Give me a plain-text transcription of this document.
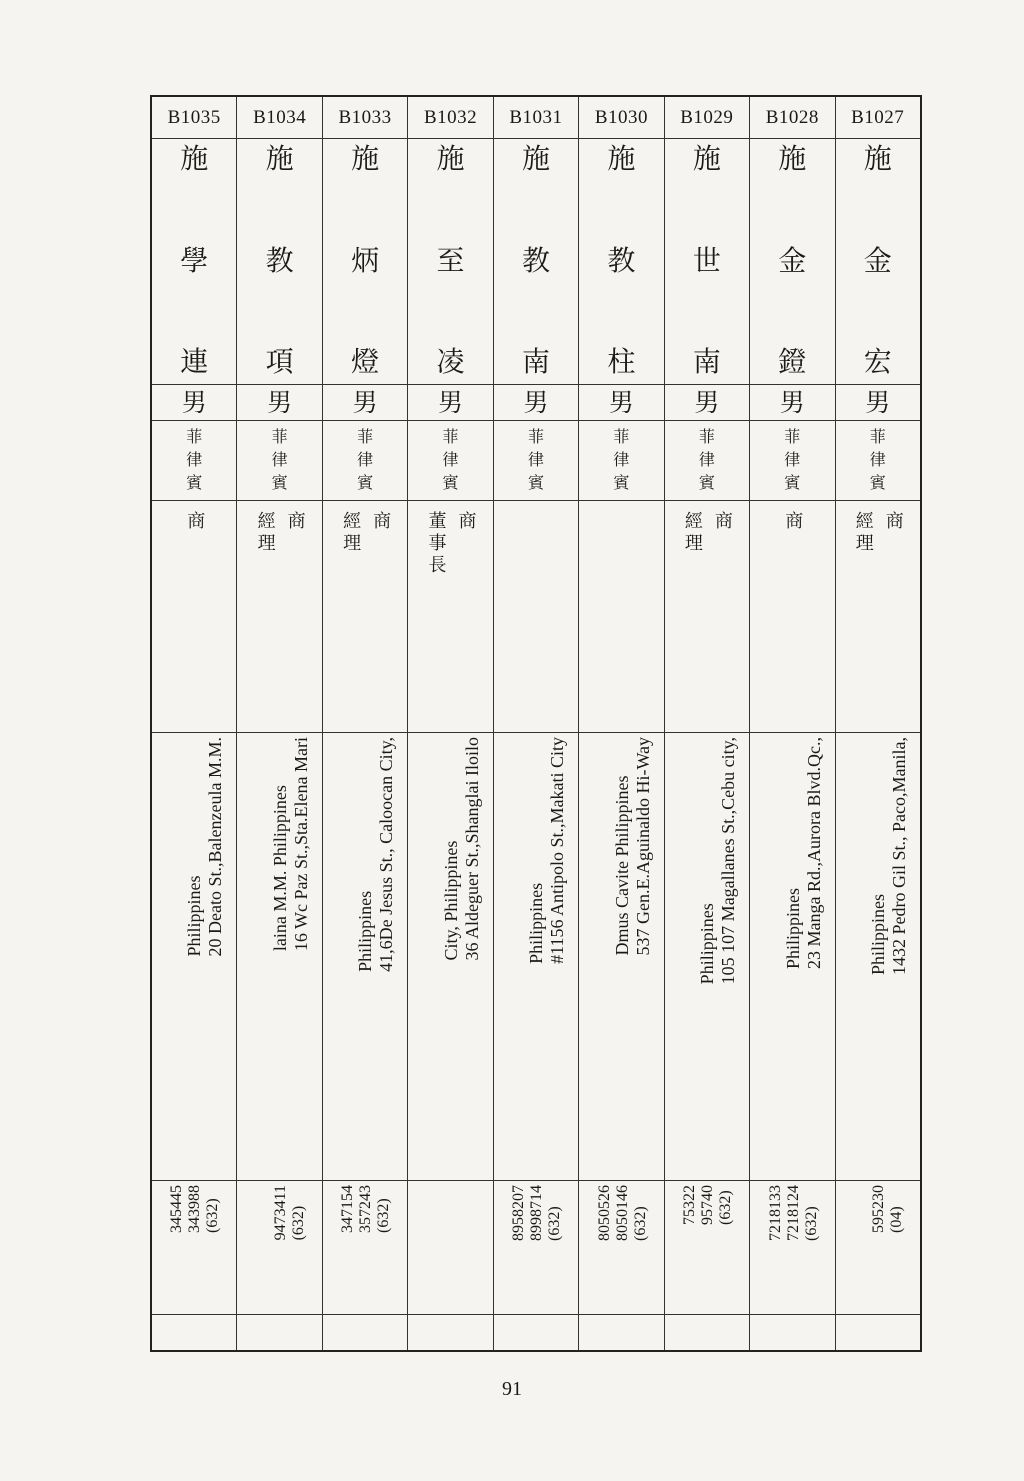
B1035
施
學
連
男
菲
律
賓
商
20 Deato St.,Balenzeula M.M.
Philippines
(632)
343988
345445
B1034
施
教
項
男
菲
律
賓
商
經理
16 Wc Paz St.,Sta.Elena Mari
laina M.M. Philippines
(632)
9473411
B1033
施
炳
燈
男
菲
律
賓
商
經理
41,6De Jesus St., Caloocan City,
Philippines
(632)
357243
347154
B1032
施
至
凌
男
菲
律
賓
商
董事長
36 Aldeguer St.,Shanglai Iloilo
City, Philippines
B1031
施
教
南
男
菲
律
賓
#1156 Antipolo St.,Makati City
Philippines
(632)
8998714
8958207
B1030
施
教
柱
男
菲
律
賓
537 Gen.E.Aguinaldo Hi-Way
Dmus Cavite Philippines
(632)
8050146
8050526
B1029
施
世
南
男
菲
律
賓
商
經理
105 107 Magallanes St.,Cebu city,
Philippines
(632)
95740
75322
B1028
施
金
鐙
男
菲
律
賓
商
23 Manga Rd.,Aurora Blvd.Qc.,
Philippines
(632)
7218124
7218133
B1027
施
金
宏
男
菲
律
賓
商
經理
1432 Pedro Gil St., Paco,Manila,
Philippines
(04)
595230
91
